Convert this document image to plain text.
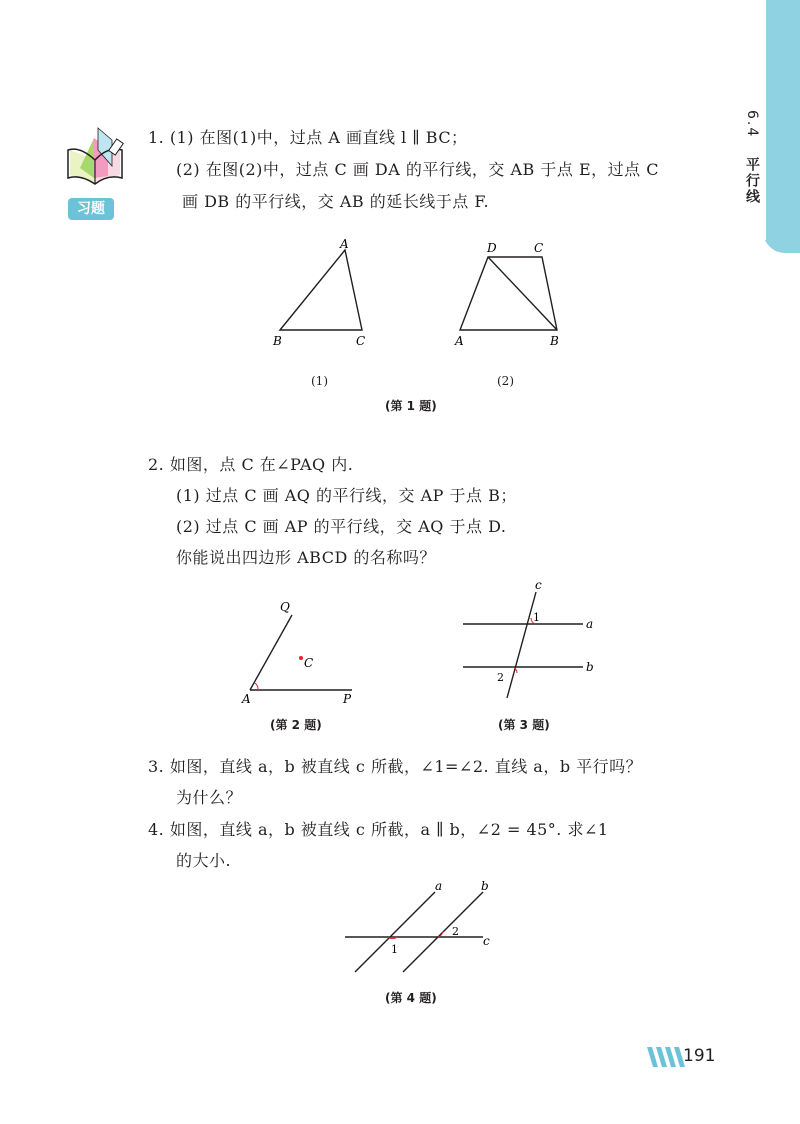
6.4 平行线
习题
1. (1) 在图(1)中，过点 A 画直线 l ∥ BC；
(2) 在图(2)中，过点 C 画 DA 的平行线，交 AB 于点 E，过点 C
画 DB 的平行线，交 AB 的延长线于点 F.
A
B	C
D	C
A	B
(1)	(2)
(第 1 题)
2. 如图，点 C 在∠PAQ 内.
(1) 过点 C 画 AQ 的平行线，交 AP 于点 B；
(2) 过点 C 画 AP 的平行线，交 AQ 于点 D.
你能说出四边形 ABCD 的名称吗？
Q
C
A	P
(第 2 题)
c
a
b
1
2
(第 3 题)
3. 如图，直线 a，b 被直线 c 所截，∠1=∠2. 直线 a，b 平行吗？
为什么？
4. 如图，直线 a，b 被直线 c 所截，a ∥ b，∠2 = 45°. 求∠1
的大小.
a	b
c
1
2
(第 4 题)
191
